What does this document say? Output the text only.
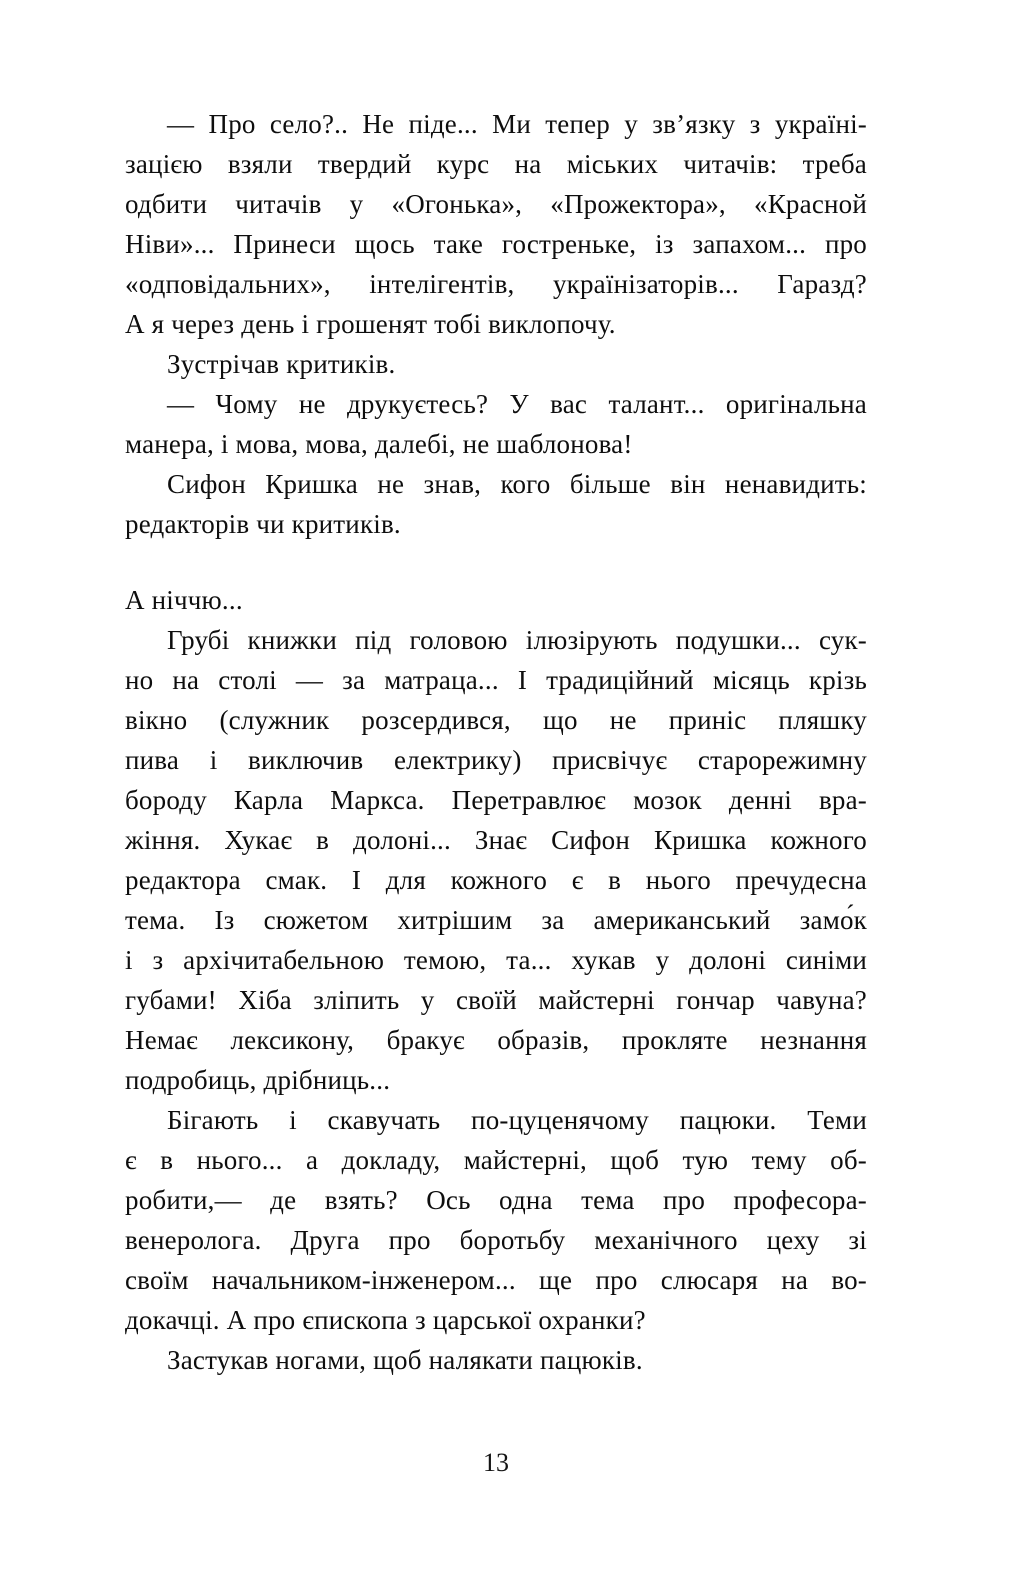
— Про село?.. Не піде... Ми тепер у зв’язку з україні-
зацією взяли твердий курс на міських читачів: треба
одбити читачів у «Огонька», «Прожектора», «Красной
Ніви»... Принеси щось таке гостреньке, із запахом... про
«одповідальних», інтелігентів, українізаторів... Гаразд?
А я через день і грошенят тобі виклопочу.
Зустрічав критиків.
— Чому не друкуєтесь? У вас талант... оригінальна
манера, і мова, мова, далебі, не шаблонова!
Сифон Кришка не знав, кого більше він ненавидить:
редакторів чи критиків.
А ніччю...
Грубі книжки під головою ілюзірують подушки... сук-
но на столі — за матраца... І традиційний місяць крізь
вікно (служник розсердився, що не приніс пляшку
пива і виключив електрику) присвічує старорежимну
бороду Карла Маркса. Перетравлює мозок денні вра-
жіння. Хукає в долоні... Знає Сифон Кришка кожного
редактора смак. І для кожного є в нього пречудесна
тема. Із сюжетом хитрішим за американський замо́к
і з архічитабельною темою, та... хукав у долоні синіми
губами! Хіба зліпить у своїй майстерні гончар чавуна?
Немає лексикону, бракує образів, прокляте незнання
подробиць, дрібниць...
Бігають і скавучать по-цуценячому пацюки. Теми
є в нього... а докладу, майстерні, щоб тую тему об-
робити,— де взять? Ось одна тема про професора-
венеролога. Друга про боротьбу механічного цеху зі
своїм начальником-інженером... ще про слюсаря на во-
докачці. А про єпископа з царської охранки?
Застукав ногами, щоб налякати пацюків.
13
